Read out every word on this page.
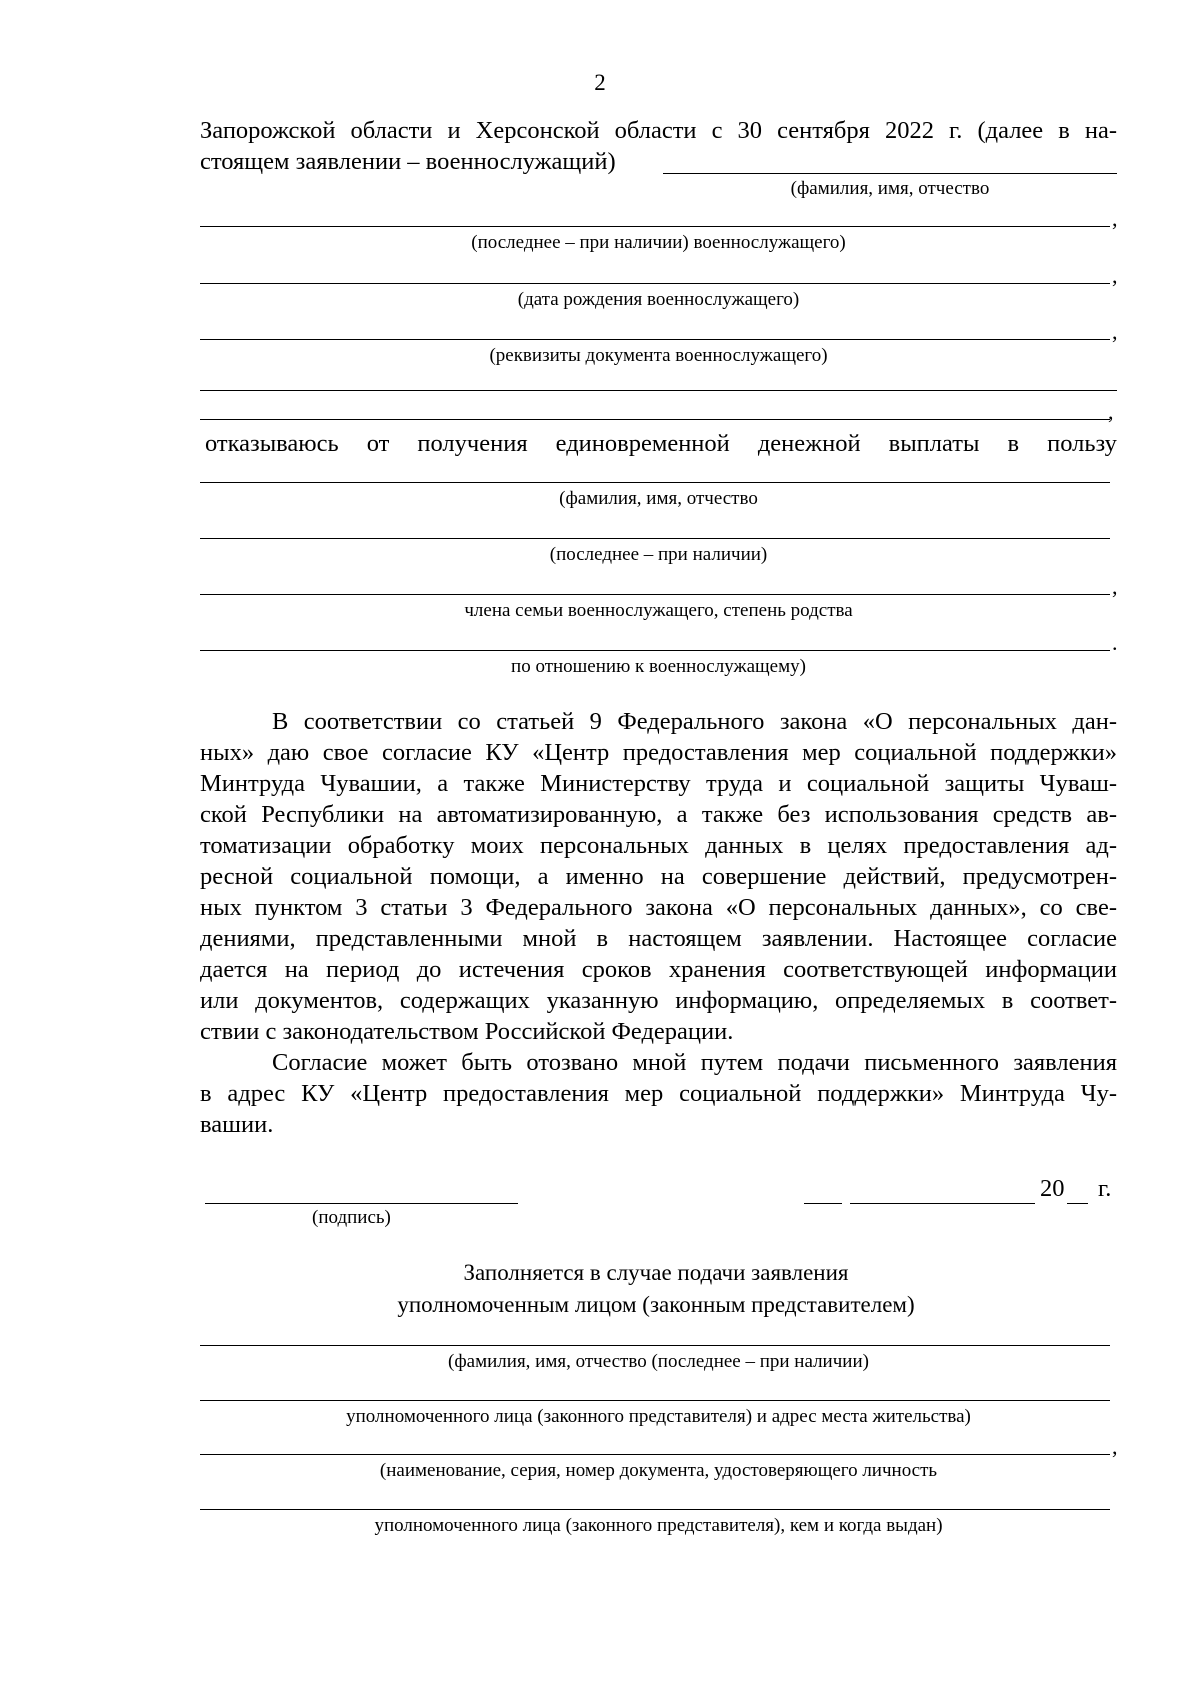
2
Запорожской области и Херсонской области с 30 сентября 2022 г. (далее в на-
стоящем заявлении – военнослужащий)
(фамилия, имя, отчество
,
(последнее – при наличии) военнослужащего)
,
(дата рождения военнослужащего)
,
(реквизиты документа военнослужащего)
,
отказываюсь от получения единовременной денежной выплаты в пользу
(фамилия, имя, отчество
(последнее – при наличии)
,
члена семьи военнослужащего, степень родства
.
по отношению к военнослужащему)
В соответствии со статьей 9 Федерального закона «О персональных дан-
ных» даю свое согласие КУ «Центр предоставления мер социальной поддержки»
Минтруда Чувашии, а также Министерству труда и социальной защиты Чуваш-
ской Республики на автоматизированную, а также без использования средств ав-
томатизации обработку моих персональных данных в целях предоставления ад-
ресной социальной помощи, а именно на совершение действий, предусмотрен-
ных пунктом 3 статьи 3 Федерального закона «О персональных данных», со све-
дениями, представленными мной в настоящем заявлении. Настоящее согласие
дается на период до истечения сроков хранения соответствующей информации
или документов, содержащих указанную информацию, определяемых в соответ-
ствии с законодательством Российской Федерации.
Согласие может быть отозвано мной путем подачи письменного заявления
в адрес КУ «Центр предоставления мер социальной поддержки» Минтруда Чу-
вашии.
(подпись)
20 г.
Заполняется в случае подачи заявления
уполномоченным лицом (законным представителем)
(фамилия, имя, отчество (последнее – при наличии)
уполномоченного лица (законного представителя) и адрес места жительства)
,
(наименование, серия, номер документа, удостоверяющего личность
уполномоченного лица (законного представителя), кем и когда выдан)
